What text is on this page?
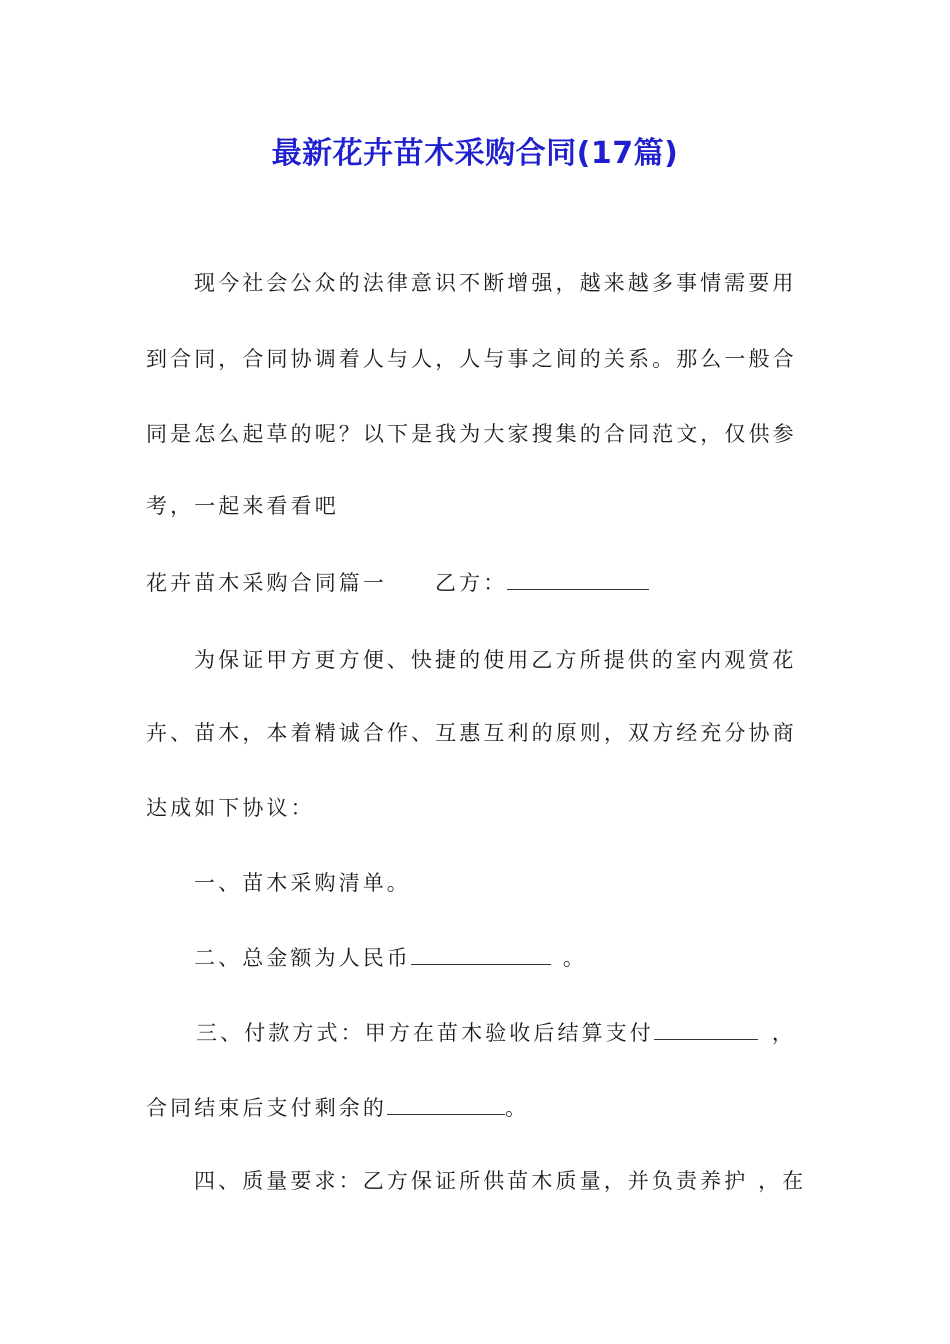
最新花卉苗木采购合同(17篇)
现今社会公众的法律意识不断增强，越来越多事情需要用
到合同，合同协调着人与人，人与事之间的关系。那么一般合
同是怎么起草的呢？以下是我为大家搜集的合同范文，仅供参
考，一起来看看吧
花卉苗木采购合同篇一 乙方：
为保证甲方更方便、快捷的使用乙方所提供的室内观赏花
卉、苗木，本着精诚合作、互惠互利的原则，双方经充分协商
达成如下协议：
一、苗木采购清单。
二、总金额为人民币	。
三、付款方式：甲方在苗木验收后结算支付	，
合同结束后支付剩余的	。
四、质量要求：乙方保证所供苗木质量，并负责养护 ，在
